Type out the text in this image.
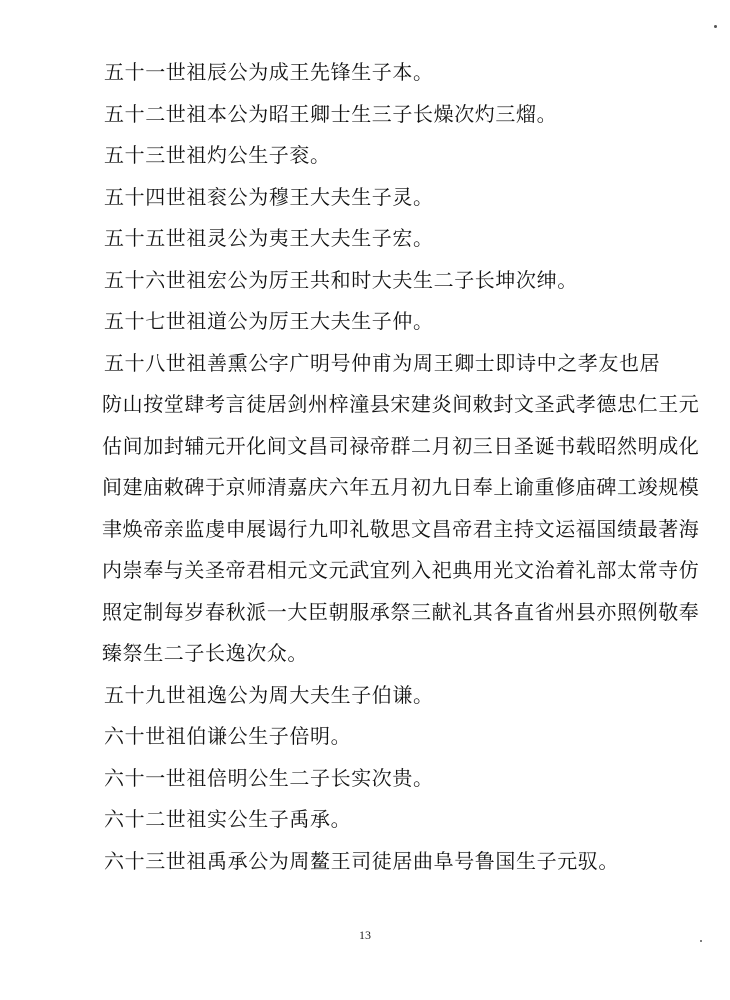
五十一世祖辰公为成王先锋生子本。
五十二世祖本公为昭王卿士生三子长燥次灼三熘。
五十三世祖灼公生子衮。
五十四世祖衮公为穆王大夫生子灵。
五十五世祖灵公为夷王大夫生子宏。
五十六世祖宏公为厉王共和时大夫生二子长坤次绅。
五十七世祖道公为厉王大夫生子仲。
五十八世祖善熏公字广明号仲甫为周王卿士即诗中之孝友也居
防山按堂肆考言徒居剑州梓潼县宋建炎间敕封文圣武孝德忠仁王元
估间加封辅元开化间文昌司禄帝群二月初三日圣诞书载昭然明成化
间建庙敕碑于京师清嘉庆六年五月初九日奉上谕重修庙碑工竣规模
聿焕帝亲监虔申展谒行九叩礼敬思文昌帝君主持文运福国绩最著海
内崇奉与关圣帝君相元文元武宜列入祀典用光文治着礼部太常寺仿
照定制每岁春秋派一大臣朝服承祭三献礼其各直省州县亦照例敬奉
臻祭生二子长逸次众。
五十九世祖逸公为周大夫生子伯谦。
六十世祖伯谦公生子倍明。
六十一世祖倍明公生二子长实次贵。
六十二世祖实公生子禹承。
六十三世祖禹承公为周鳌王司徒居曲阜号鲁国生子元驭。
13
